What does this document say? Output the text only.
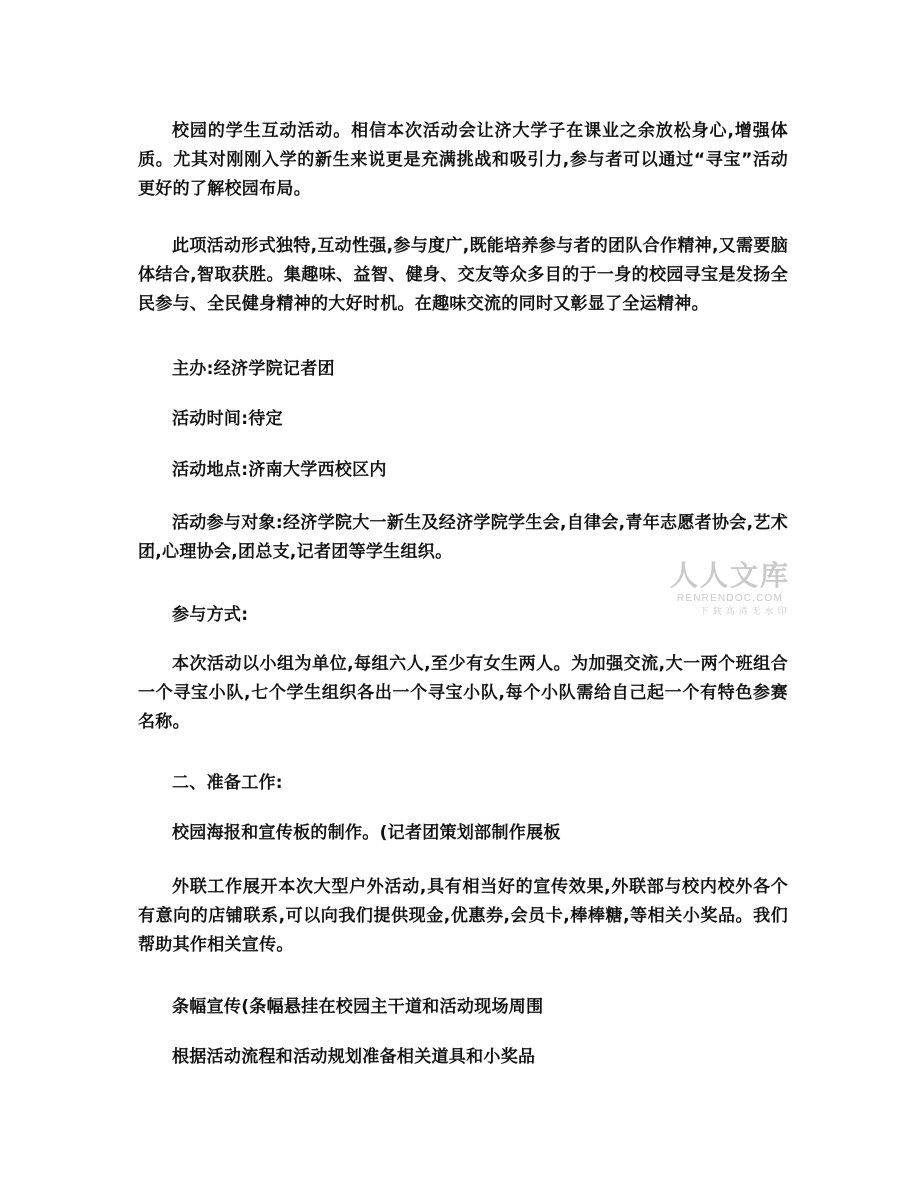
校园的学生互动活动。相信本次活动会让济大学子在课业之余放松身心,增强体质。尤其对刚刚入学的新生来说更是充满挑战和吸引力,参与者可以通过“寻宝”活动更好的了解校园布局。

此项活动形式独特,互动性强,参与度广,既能培养参与者的团队合作精神,又需要脑体结合,智取获胜。集趣味、益智、健身、交友等众多目的于一身的校园寻宝是发扬全民参与、全民健身精神的大好时机。在趣味交流的同时又彰显了全运精神。

主办:经济学院记者团

活动时间:待定

活动地点:济南大学西校区内

活动参与对象:经济学院大一新生及经济学院学生会,自律会,青年志愿者协会,艺术团,心理协会,团总支,记者团等学生组织。

参与方式:

本次活动以小组为单位,每组六人,至少有女生两人。为加强交流,大一两个班组合一个寻宝小队,七个学生组织各出一个寻宝小队,每个小队需给自己起一个有特色参赛名称。

二、准备工作:

校园海报和宣传板的制作。(记者团策划部制作展板

外联工作展开本次大型户外活动,具有相当好的宣传效果,外联部与校内校外各个有意向的店铺联系,可以向我们提供现金,优惠券,会员卡,棒棒糖,等相关小奖品。我们帮助其作相关宣传。

条幅宣传(条幅悬挂在校园主干道和活动现场周围

根据活动流程和活动规划准备相关道具和小奖品

人人文库
RENRENDOC.COM
下载高清无水印
